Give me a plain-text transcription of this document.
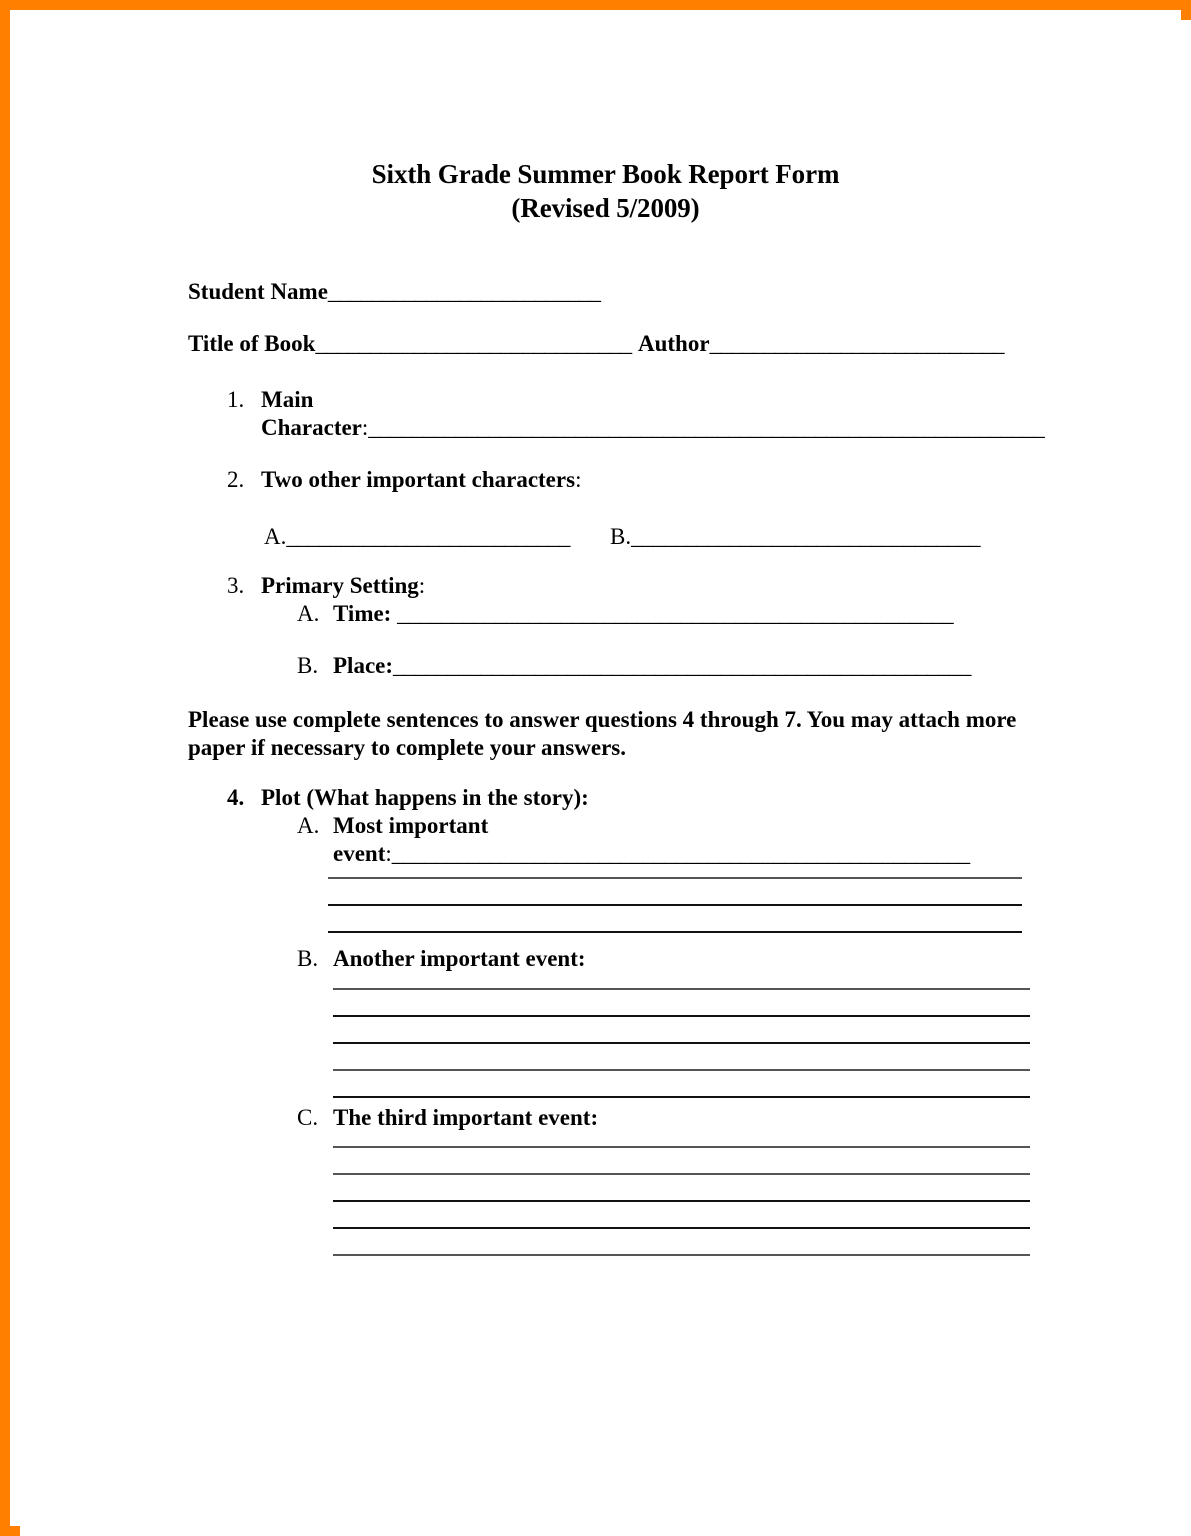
Sixth Grade Summer Book Report Form
(Revised 5/2009)
Student Name_________________________
Title of Book_____________________________ Author___________________________
1. Main
Character:______________________________________________________________
2. Two other important characters:
A.__________________________ B.________________________________
3. Primary Setting:
A. Time: ___________________________________________________
B. Place:_____________________________________________________
Please use complete sentences to answer questions 4 through 7. You may attach more paper if necessary to complete your answers.
4. Plot (What happens in the story):
A. Most important
event:_____________________________________________________
B. Another important event:
C. The third important event:
